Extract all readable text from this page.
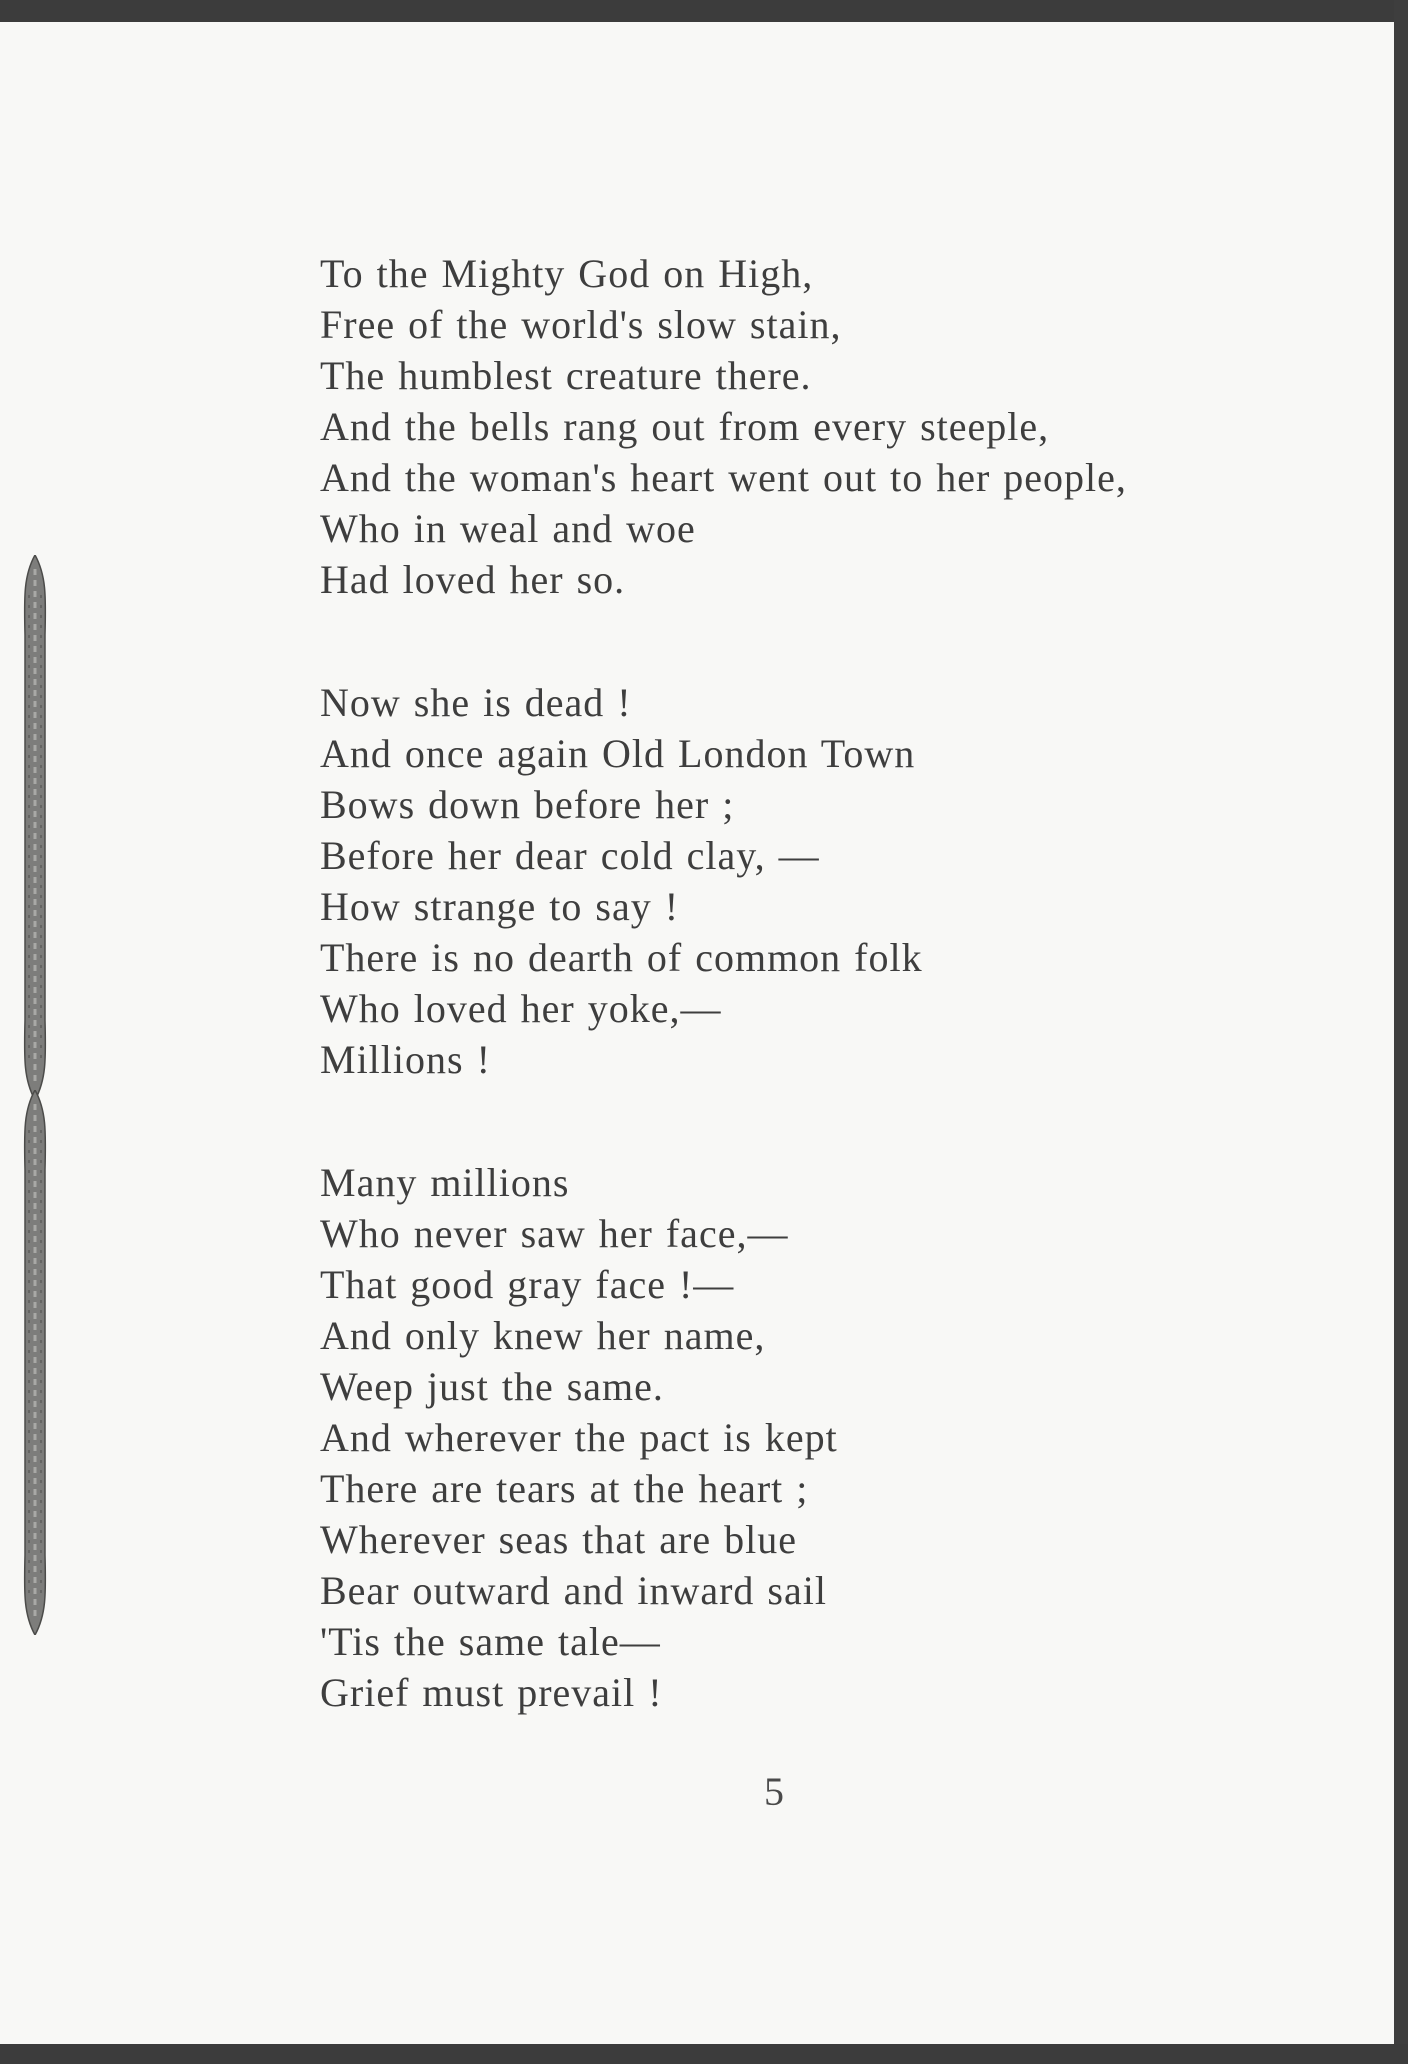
To the Mighty God on High,
Free of the world's slow stain,
The humblest creature there.
And the bells rang out from every steeple,
And the woman's heart went out to her people,
Who in weal and woe
Had loved her so.
Now she is dead !
And once again Old London Town
Bows down before her ;
Before her dear cold clay, —
How strange to say !
There is no dearth of common folk
Who loved her yoke,—
Millions !
Many millions
Who never saw her face,—
That good gray face !—
And only knew her name,
Weep just the same.
And wherever the pact is kept
There are tears at the heart ;
Wherever seas that are blue
Bear outward and inward sail
'Tis the same tale—
Grief must prevail !
5
